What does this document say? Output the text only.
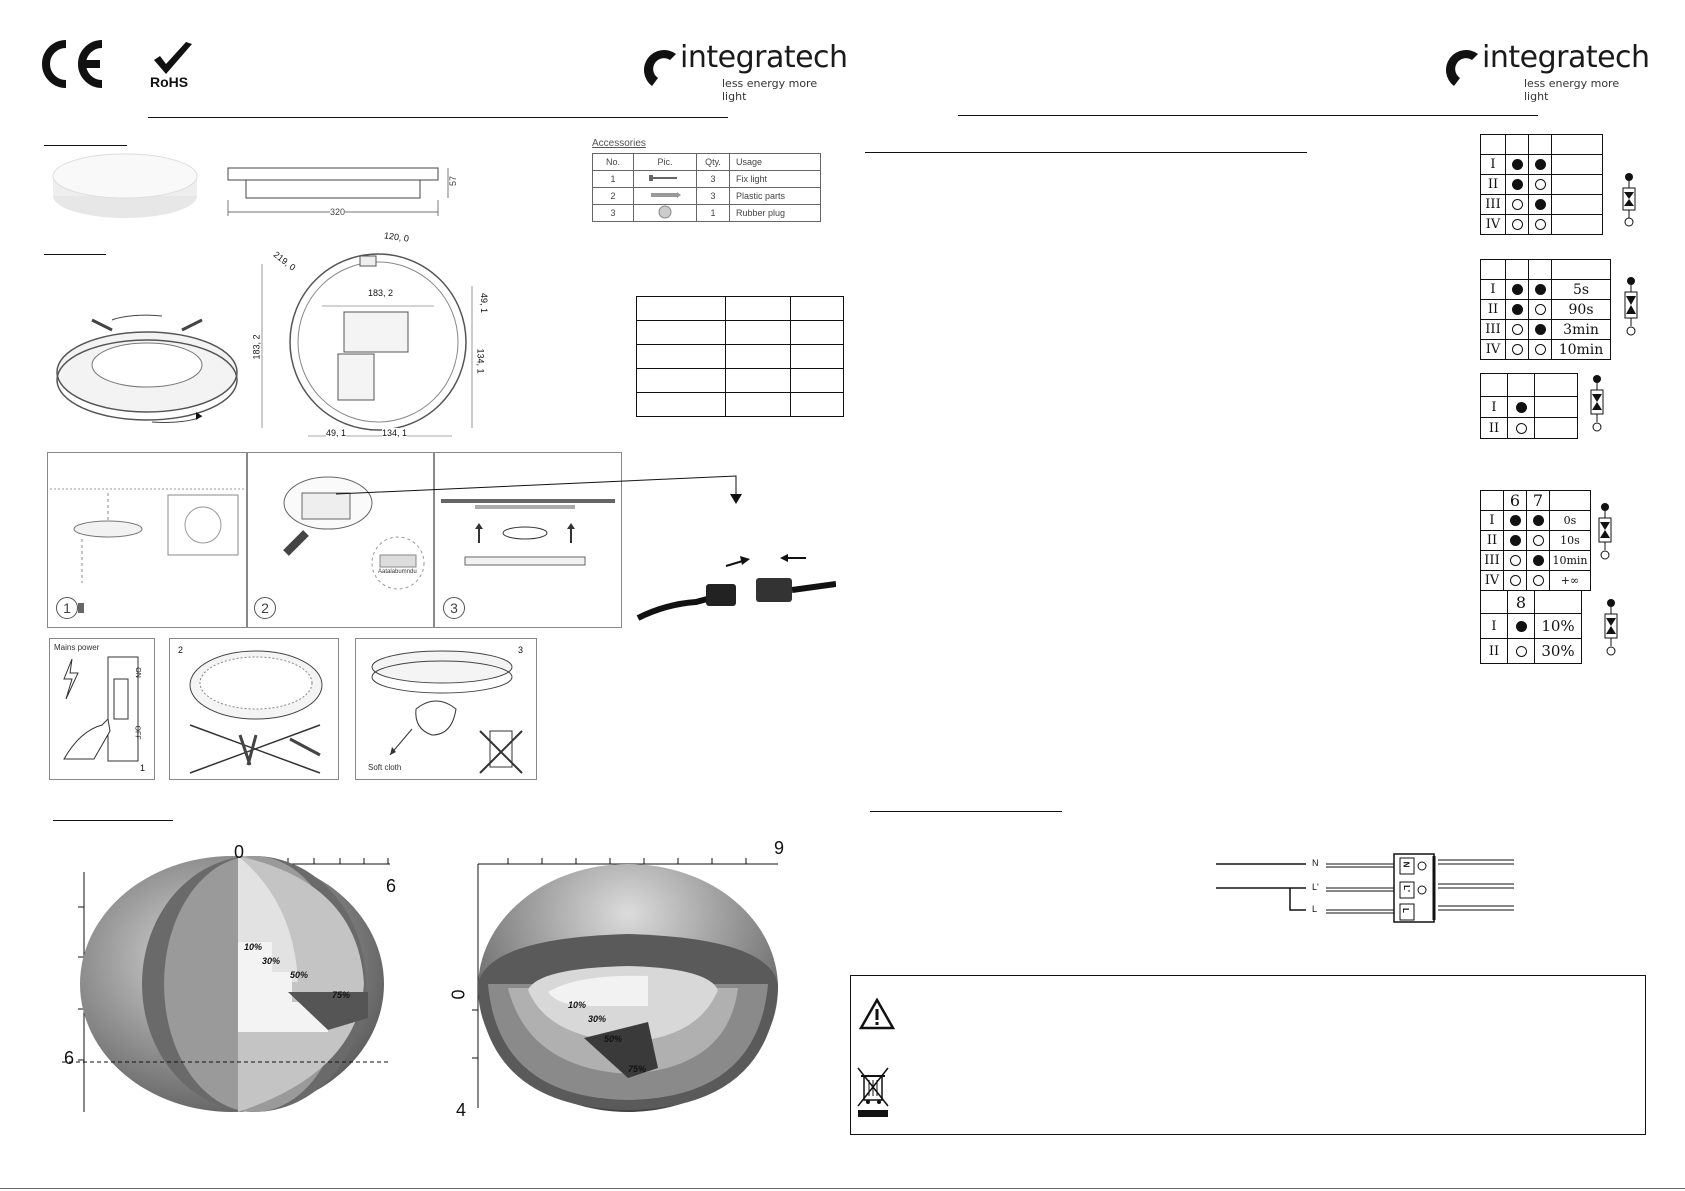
RoHS
integratech
less energy more light
integratech
less energy more light
320
57
Accessories
No.	Pic.	Qty.	Usage
1		3	Fix light
2		3	Plastic parts
3		1	Rubber plug

120, 0
219, 0
183, 2
183, 2
49, 1
134, 1
49, 1	134, 1
1	2
Aatalabumndu
3
Mains power
ON
OFF
1
2	3
Soft cloth
0
6
6
10%
30%
50%
75%
9
0
4
10%
30%
50%
75%

I			
II			
III			
IV			

I			5s
II			90s
III			3min
IV			10min

I		
II		
	6	7	
I			0s
II			10s
III			10min
IV			+∞
	8	
I		10%
II		30%
N
L'
L
N
L'
L
